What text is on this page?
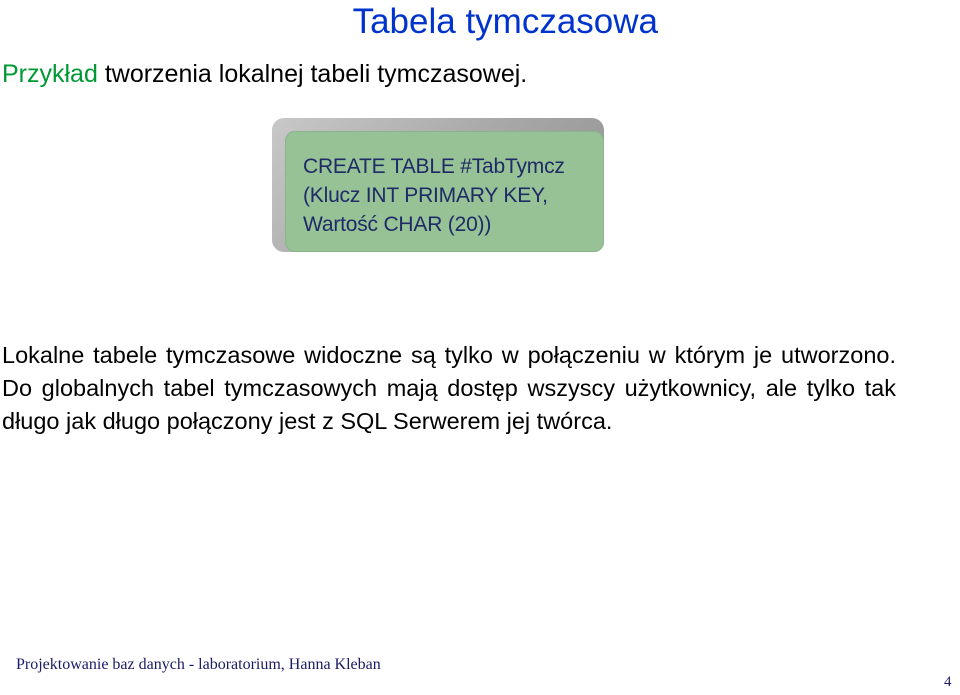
Tabela tymczasowa
Przykład tworzenia lokalnej tabeli tymczasowej.
CREATE TABLE #TabTymcz
(Klucz INT PRIMARY KEY,
Wartość CHAR (20))

Lokalne tabele tymczasowe widoczne są tylko w połączeniu w którym je utworzono. Do globalnych tabel tymczasowych mają dostęp wszyscy użytkownicy, ale tylko tak długo jak długo połączony jest z SQL Serwerem jej twórca.

Projektowanie baz danych - laboratorium, Hanna Kleban
4
